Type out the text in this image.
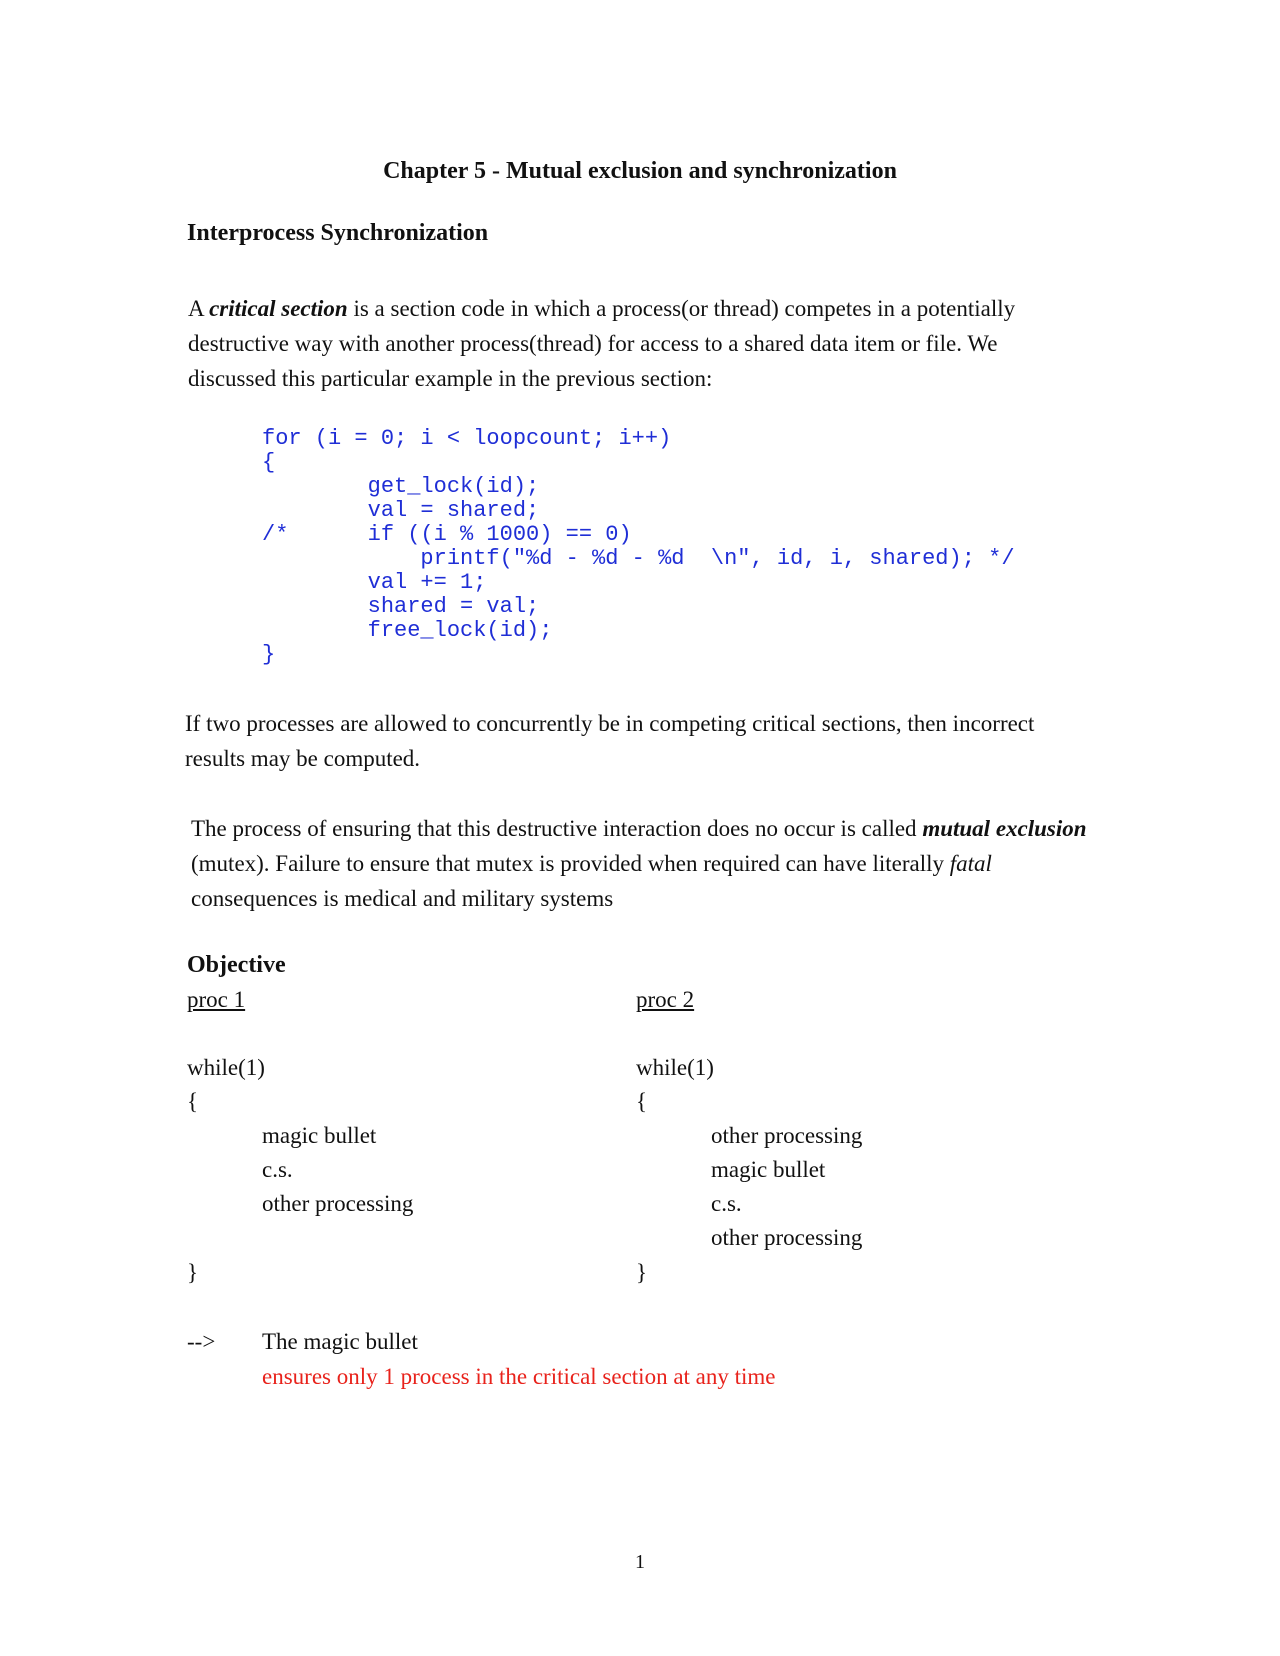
Chapter 5 - Mutual exclusion and synchronization
Interprocess Synchronization
A critical section is a section code in which a process(or thread) competes in a potentially
destructive way with another process(thread) for access to a shared data item or file. We
discussed this particular example in the previous section:
for (i = 0; i < loopcount; i++)
{
get_lock(id);
val = shared;
/*      if ((i % 1000) == 0)
printf("%d - %d - %d  \n", id, i, shared); */
val += 1;
shared = val;
free_lock(id);
}
If two processes are allowed to concurrently be in competing critical sections, then incorrect
results may be computed.
The process of ensuring that this destructive interaction does no occur is called mutual exclusion
(mutex). Failure to ensure that mutex is provided when required can have literally fatal
consequences is medical and military systems
Objective
proc 1
while(1)
{
magic bullet
c.s.
other processing
}
proc 2
while(1)
{
other processing
magic bullet
c.s.
other processing
}
--> The magic bullet
ensures only 1 process in the critical section at any time
1
